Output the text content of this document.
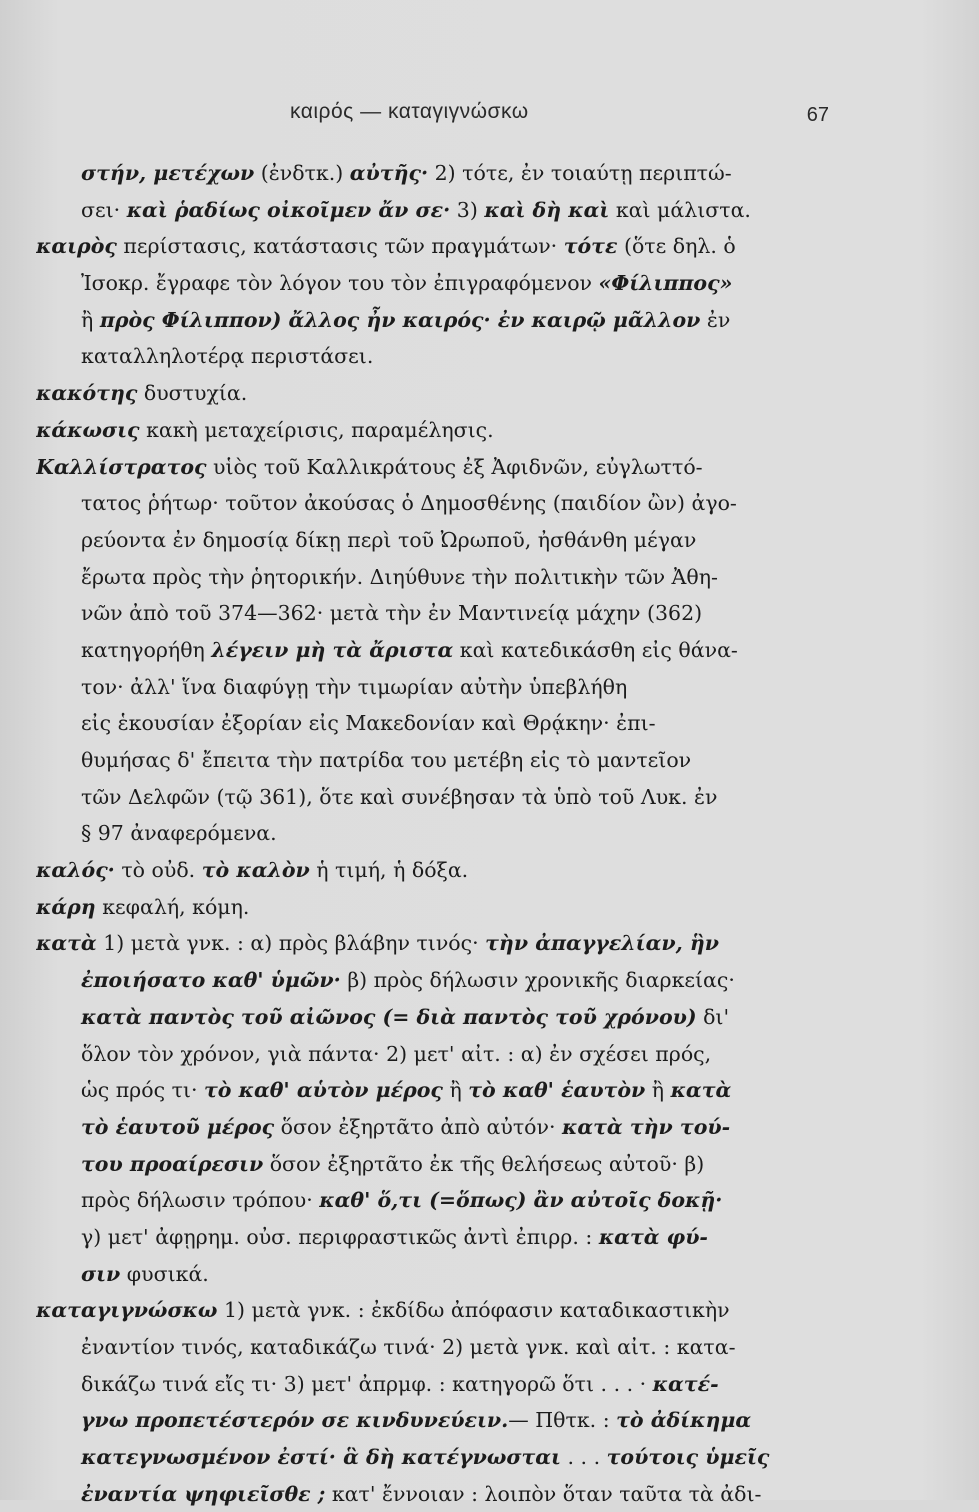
καιρός — καταγιγνώσκω	67
στήν, μετέχων (ἐνδτκ.) αὐτῆς· 2) τότε, ἐν τοιαύτῃ περιπτώ-
σει· καὶ ῥαδίως οἰκοῖμεν ἄν σε· 3) καὶ δὴ καὶ καὶ μάλιστα.
καιρὸς περίστασις, κατάστασις τῶν πραγμάτων· τότε (ὅτε δηλ. ὁ
Ἰσοκρ. ἔγραφε τὸν λόγον του τὸν ἐπιγραφόμενον «Φίλιππος»
ἢ πρὸς Φίλιππον) ἄλλος ἦν καιρός· ἐν καιρῷ μᾶλλον ἐν
καταλληλοτέρᾳ περιστάσει.
κακότης δυστυχία.
κάκωσις κακὴ μεταχείρισις, παραμέλησις.
Καλλίστρατος υἱὸς τοῦ Καλλικράτους ἐξ Ἀφιδνῶν, εὐγλωττό-
τατος ῥήτωρ· τοῦτον ἀκούσας ὁ Δημοσθένης (παιδίον ὢν) ἀγο-
ρεύοντα ἐν δημοσίᾳ δίκῃ περὶ τοῦ Ὠρωποῦ, ἠσθάνθη μέγαν
ἔρωτα πρὸς τὴν ῥητορικήν. Διηύθυνε τὴν πολιτικὴν τῶν Ἀθη-
νῶν ἀπὸ τοῦ 374—362· μετὰ τὴν ἐν Μαντινείᾳ μάχην (362)
κατηγορήθη λέγειν μὴ τὰ ἄριστα καὶ κατεδικάσθη εἰς θάνα-
τον· ἀλλ' ἵνα διαφύγῃ τὴν τιμωρίαν αὐτὴν ὑπεβλήθη
εἰς ἑκουσίαν ἐξορίαν εἰς Μακεδονίαν καὶ Θρᾴκην· ἐπι-
θυμήσας δ' ἔπειτα τὴν πατρίδα του μετέβη εἰς τὸ μαντεῖον
τῶν Δελφῶν (τῷ 361), ὅτε καὶ συνέβησαν τὰ ὑπὸ τοῦ Λυκ. ἐν
§ 97 ἀναφερόμενα.
καλός· τὸ οὐδ. τὸ καλὸν ἡ τιμή, ἡ δόξα.
κάρη κεφαλή, κόμη.
κατὰ 1) μετὰ γνκ. : α) πρὸς βλάβην τινός· τὴν ἀπαγγελίαν, ἣν
ἐποιήσατο καθ' ὑμῶν· β) πρὸς δήλωσιν χρονικῆς διαρκείας·
κατὰ παντὸς τοῦ αἰῶνος (= διὰ παντὸς τοῦ χρόνου) δι'
ὅλον τὸν χρόνον, γιὰ πάντα· 2) μετ' αἰτ. : α) ἐν σχέσει πρός,
ὡς πρός τι· τὸ καθ' αὑτὸν μέρος ἢ τὸ καθ' ἑαυτὸν ἢ κατὰ
τὸ ἑαυτοῦ μέρος ὅσον ἐξηρτᾶτο ἀπὸ αὐτόν· κατὰ τὴν τού-
του προαίρεσιν ὅσον ἐξηρτᾶτο ἐκ τῆς θελήσεως αὐτοῦ· β)
πρὸς δήλωσιν τρόπου· καθ' ὅ,τι (=ὅπως) ἂν αὐτοῖς δοκῇ·
γ) μετ' ἀφῃρημ. οὐσ. περιφραστικῶς ἀντὶ ἐπιρρ. : κατὰ φύ-
σιν φυσικά.
καταγιγνώσκω 1) μετὰ γνκ. : ἐκδίδω ἀπόφασιν καταδικαστικὴν
ἐναντίον τινός, καταδικάζω τινά· 2) μετὰ γνκ. καὶ αἰτ. : κατα-
δικάζω τινά εἴς τι· 3) μετ' ἀπρμφ. : κατηγορῶ ὅτι . . . · κατέ-
γνω προπετέστερόν σε κινδυνεύειν.— Πθτκ. : τὸ ἀδίκημα
κατεγνωσμένον ἐστί· ἃ δὴ κατέγνωσται . . . τούτοις ὑμεῖς
ἐναντία ψηφιεῖσθε ; κατ' ἔννοιαν : λοιπὸν ὅταν ταῦτα τὰ ἀδι-
